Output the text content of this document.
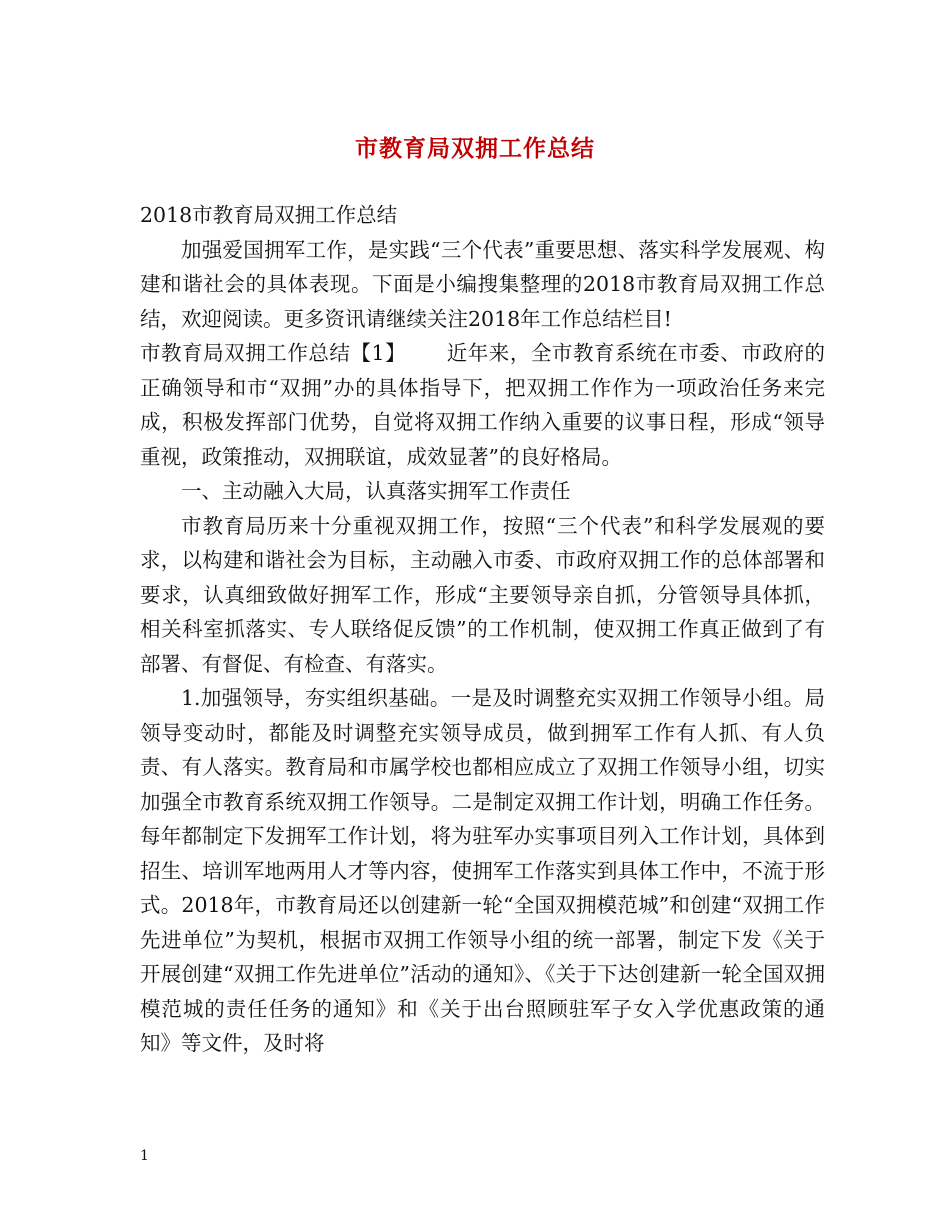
市教育局双拥工作总结

2018市教育局双拥工作总结

加强爱国拥军工作，是实践“三个代表”重要思想、落实科学发展观、构建和谐社会的具体表现。下面是小编搜集整理的2018市教育局双拥工作总结，欢迎阅读。更多资讯请继续关注2018年工作总结栏目!

市教育局双拥工作总结【1】 近年来，全市教育系统在市委、市政府的正确领导和市“双拥”办的具体指导下，把双拥工作作为一项政治任务来完成，积极发挥部门优势，自觉将双拥工作纳入重要的议事日程，形成“领导重视，政策推动，双拥联谊，成效显著”的良好格局。

一、主动融入大局，认真落实拥军工作责任

市教育局历来十分重视双拥工作，按照“三个代表”和科学发展观的要求，以构建和谐社会为目标，主动融入市委、市政府双拥工作的总体部署和要求，认真细致做好拥军工作，形成“主要领导亲自抓，分管领导具体抓，相关科室抓落实、专人联络促反馈”的工作机制，使双拥工作真正做到了有部署、有督促、有检查、有落实。

1.加强领导，夯实组织基础。一是及时调整充实双拥工作领导小组。局领导变动时，都能及时调整充实领导成员，做到拥军工作有人抓、有人负责、有人落实。教育局和市属学校也都相应成立了双拥工作领导小组，切实加强全市教育系统双拥工作领导。二是制定双拥工作计划，明确工作任务。每年都制定下发拥军工作计划，将为驻军办实事项目列入工作计划，具体到招生、培训军地两用人才等内容，使拥军工作落实到具体工作中，不流于形式。2018年，市教育局还以创建新一轮“全国双拥模范城”和创建“双拥工作先进单位”为契机，根据市双拥工作领导小组的统一部署，制定下发《关于开展创建“双拥工作先进单位”活动的通知》、《关于下达创建新一轮全国双拥模范城的责任任务的通知》和《关于出台照顾驻军子女入学优惠政策的通知》等文件，及时将

1
